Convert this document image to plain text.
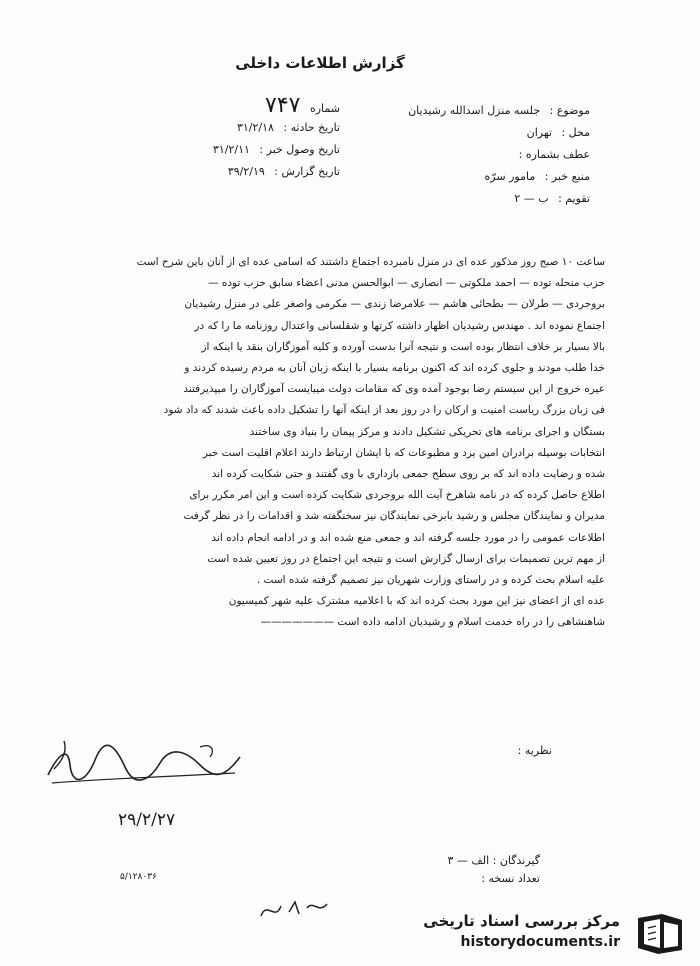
گزارش اطلاعات داخلی
موضوع : جلسه منزل اسدالله رشیدیان
محل : تهران
عطف بشماره :
منبع خبر : مامور سرّه
تقویم : ب — ۲
شماره ۷۴۷
تاریخ حادثه : ۳۱/۲/۱۸
تاریخ وصول خبر : ۳۱/۲/۱۱
تاریخ گزارش : ۳۹/۲/۱۹

ساعت ۱۰ صبح روز مذکور عده ای در منزل نامبرده اجتماع داشتند که اسامی عده ای از آنان باین شرح است

حزب منحله توده — احمد ملکوتی — انصاری — ابوالحسن مدنی اعضاء سابق حزب توده —

بروجردی — طرلان — بطحائی هاشم — علامرضا زندی — مکرمی واصغر علی در منزل رشیدیان

اجتماع نموده اند . مهندس رشیدیان اظهار داشته کرتها و شقلسانی واعتدال روزنامه ما را که در

بالا بسیار بر خلاف انتظار بوده است و نتیجه آنرا بدست آورده و کلیه آموزگاران بنقد یا اینکه از

خدا طلب مودند و جلوی کرده اند که اکنون برنامه بسیار با اینکه زبان آنان به مردم رسیده کردند و

عیره خروج از این سیستم رضا بوجود آمده وی که مقامات دولت میبایست آموزگاران را میپذیرفتند

فی زبان بزرگ ریاست امنیت و ارکان را در روز بعد از اینکه آنها را تشکیل داده باعث شدند که داد شود

بستگان و اجرای برنامه های تحریکی تشکیل دادند و مرکز پیمان را بنیاد وی ساختند

انتخابات بوسیله برادران امین یزد و مطبوعات که با ایشان ارتباط دارند اعلام اقلیت است خبر

شده و رضایت داده اند که بر روی سطح جمعی بازداری با وی گفتند و حتی شکایت کرده اند

اطلاع حاصل کرده که در نامه شاهرخ آیت الله بروجردی شکایت کرده است و این امر مکرر برای

مدیران و نمایندگان مجلس و رشید بابرخی نمایندگان نیز سخنگفته شد و اقدامات را در نظر گرفت

اطلاعات عمومی را در مورد جلسه گرفته اند و جمعی منع شده اند و در ادامه انجام داده اند

از مهم ترین تصمیمات برای ارسال گزارش است و نتیجه این اجتماع در روز تعیین شده است

علیه اسلام بحث کرده و در راستای وزارت شهریان نیز تصمیم گرفته شده است .

عده ای از اعضای نیز این مورد بحث کرده اند که با اعلامیه مشترک علیه شهر کمیسیون

شاهنشاهی را در راه خدمت اسلام و رشیدیان ادامه داده است ———————

نظریه :
۲۹/۲/۲۷
گیرندگان : الف — ۳
تعداد نسخه :
۵/۱۲۸۰۳۶
مرکز بررسی اسناد تاریخی
historydocuments.ir
